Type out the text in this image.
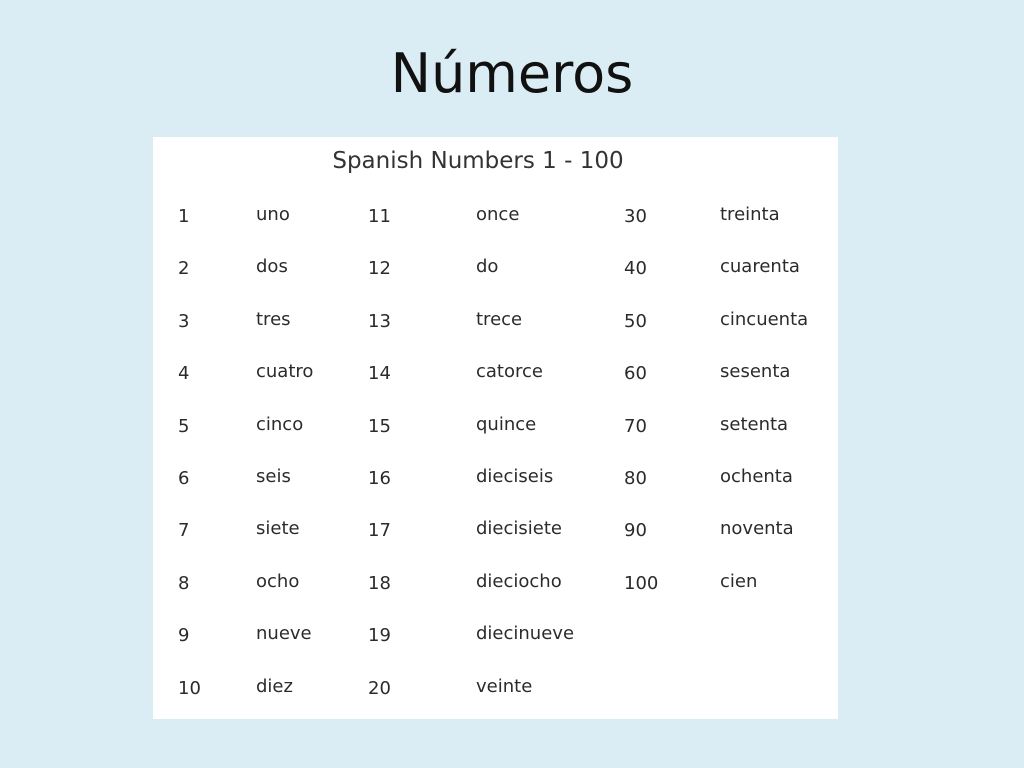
Números
Spanish Numbers 1 - 100
1	uno
2	dos
3	tres
4	cuatro
5	cinco
6	seis
7	siete
8	ocho
9	nueve
10	diez
11	once
12	do
13	trece
14	catorce
15	quince
16	dieciseis
17	diecisiete
18	dieciocho
19	diecinueve
20	veinte
30	treinta
40	cuarenta
50	cincuenta
60	sesenta
70	setenta
80	ochenta
90	noventa
100	cien
